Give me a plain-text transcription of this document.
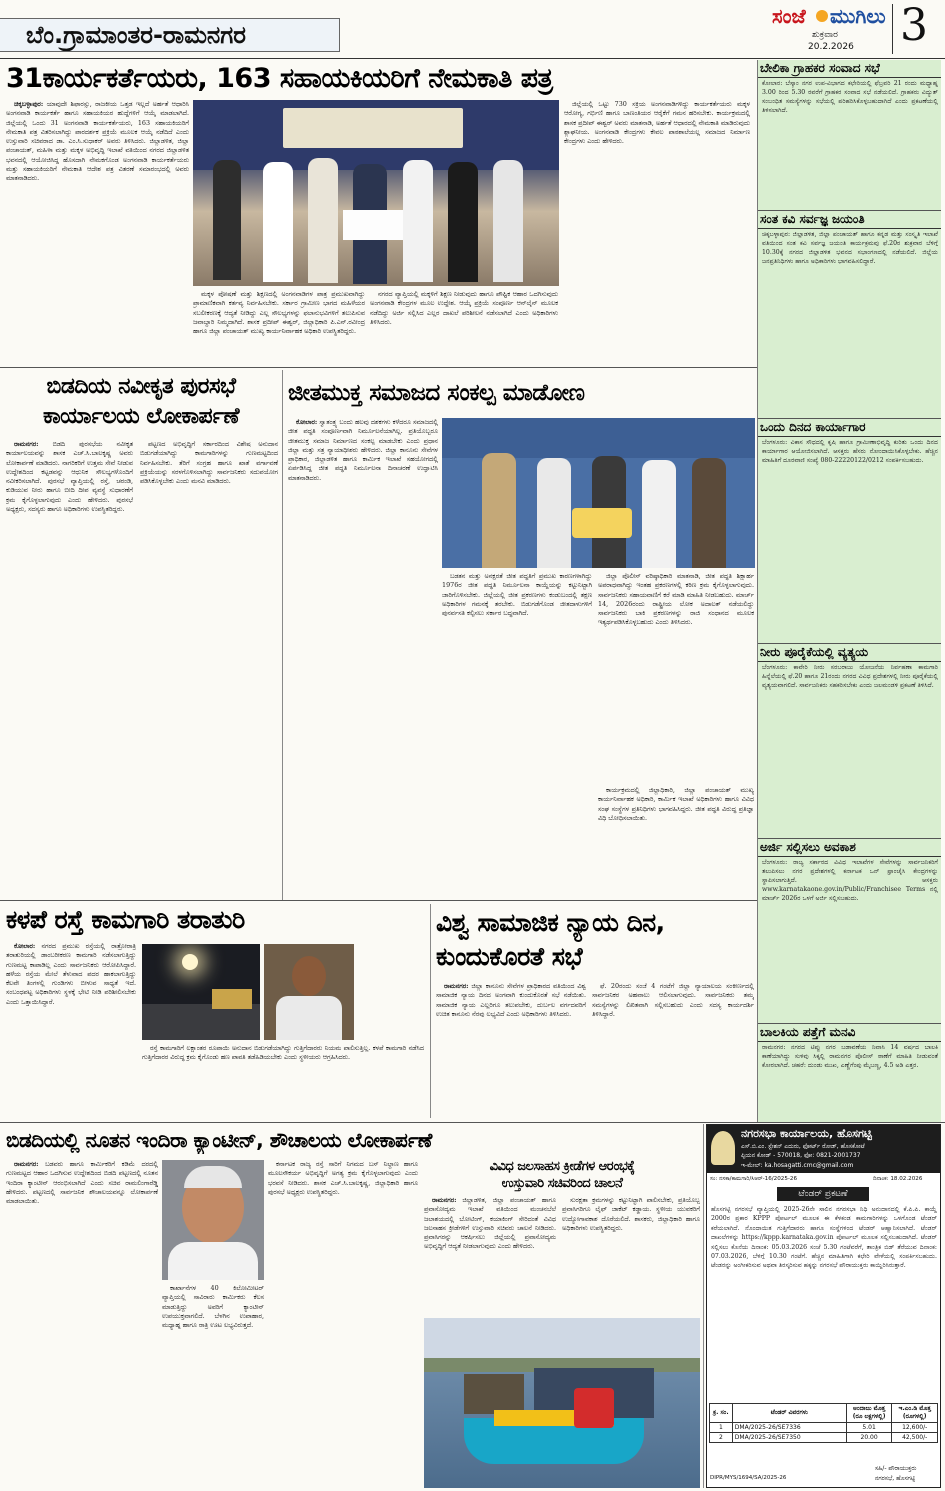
ಬೆಂ.ಗ್ರಾಮಾಂತರ-ರಾಮನಗರ
ಸಂಜೆ ಮುಗಿಲು
ಶುಕ್ರವಾರ
20.2.2026 3
31ಕಾರ್ಯಕರ್ತೆಯರು, 163 ಸಹಾಯಕಿಯರಿಗೆ ನೇಮಕಾತಿ ಪತ್ರ

ಚಿಕ್ಕಬಳ್ಳಾಪುರ: ಯಾವುದೇ ಶಿಫಾರಸ್ಸು, ರಾಜಕೀಯ ಒತ್ತಡ ಇಲ್ಲದೆ ಅರ್ಹತೆ ಆಧಾರಿಸಿ ಅಂಗನವಾಡಿ ಕಾರ್ಯಕರ್ತೆ ಹಾಗೂ ಸಹಾಯಕಿಯರ ಹುದ್ದೆಗಳಿಗೆ ಆಯ್ಕೆ ಮಾಡಲಾಗಿದೆ. ಜಿಲ್ಲೆಯಲ್ಲಿ ಒಂದು 31 ಅಂಗನವಾಡಿ ಕಾರ್ಯಕರ್ತೆಯರು, 163 ಸಹಾಯಕಿಯರಿಗೆ ನೇಮಕಾತಿ ಪತ್ರ ವಿತರಿಸಲಾಗಿದ್ದು ಪಾರದರ್ಶಕ ಪ್ರಕ್ರಿಯೆ ಮೂಲಕ ಆಯ್ಕೆ ನಡೆದಿದೆ ಎಂದು ಉಸ್ತುವಾರಿ ಸಚಿವರಾದ ಡಾ. ಎಂ.ಸಿ.ಸುಧಾಕರ್ ಅವರು ತಿಳಿಸಿದರು. ಜಿಲ್ಲಾಡಳಿತ, ಜಿಲ್ಲಾ ಪಂಚಾಯತ್, ಮಹಿಳಾ ಮತ್ತು ಮಕ್ಕಳ ಅಭಿವೃದ್ಧಿ ಇಲಾಖೆ ವತಿಯಿಂದ ನಗರದ ಜಿಲ್ಲಾಡಳಿತ ಭವನದಲ್ಲಿ ಆಯೋಜಿಸಿದ್ದ ಹೊಸದಾಗಿ ನೇಮಕಗೊಂಡ ಅಂಗನವಾಡಿ ಕಾರ್ಯಕರ್ತೆಯರು ಮತ್ತು ಸಹಾಯಕಿಯರಿಗೆ ನೇಮಕಾತಿ ಆದೇಶ ಪತ್ರ ವಿತರಣೆ ಸಮಾರಂಭದಲ್ಲಿ ಅವರು ಮಾತನಾಡಿದರು.

ಮಕ್ಕಳ ಪೋಷಣೆ ಮತ್ತು ಶಿಕ್ಷಣದಲ್ಲಿ ಅಂಗನವಾಡಿಗಳ ಪಾತ್ರ ಪ್ರಮುಖವಾಗಿದ್ದು ಪ್ರಾಮಾಣಿಕವಾಗಿ ಕರ್ತವ್ಯ ನಿರ್ವಹಿಸಬೇಕು. ಸರ್ಕಾರ ಗ್ರಾಮೀಣ ಭಾಗದ ಮಹಿಳೆಯರ ಸಬಲೀಕರಣಕ್ಕೆ ಆದ್ಯತೆ ನೀಡಿದ್ದು ಎಲ್ಲ ಸೌಲಭ್ಯಗಳನ್ನು ಫಲಾನುಭವಿಗಳಿಗೆ ತಲುಪಿಸುವ ಜವಾಬ್ದಾರಿ ನಿಮ್ಮದಾಗಿದೆ. ಶಾಸಕ ಪ್ರದೀಪ್ ಈಶ್ವರ್, ಜಿಲ್ಲಾಧಿಕಾರಿ ಪಿ.ಎನ್.ರವೀಂದ್ರ ಹಾಗೂ ಜಿಲ್ಲಾ ಪಂಚಾಯತ್ ಮುಖ್ಯ ಕಾರ್ಯನಿರ್ವಾಹಕ ಅಧಿಕಾರಿ ಉಪಸ್ಥಿತರಿದ್ದರು.

ನಗರದ ವ್ಯಾಪ್ತಿಯಲ್ಲಿ ಮಕ್ಕಳಿಗೆ ಶಿಕ್ಷಣ ನೀಡುವುದು ಹಾಗೂ ಪೌಷ್ಟಿಕ ಆಹಾರ ಒದಗಿಸುವುದು ಅಂಗನವಾಡಿ ಕೇಂದ್ರಗಳ ಮೂಲ ಉದ್ದೇಶ. ಆಯ್ಕೆ ಪ್ರಕ್ರಿಯೆ ಸಂಪೂರ್ಣ ಆನ್‌ಲೈನ್ ಮೂಲಕ ನಡೆದಿದ್ದು ಅರ್ಜಿ ಸಲ್ಲಿಸಿದ ಎಲ್ಲರ ದಾಖಲೆ ಪರಿಶೀಲನೆ ನಡೆಸಲಾಗಿದೆ ಎಂದು ಅಧಿಕಾರಿಗಳು ತಿಳಿಸಿದರು.

ಜಿಲ್ಲೆಯಲ್ಲಿ ಒಟ್ಟು 730 ಸಕ್ರಿಯ ಅಂಗನವಾಡಿಗಳಿದ್ದು ಕಾರ್ಯಕರ್ತೆಯರು ಮಕ್ಕಳ ಆರೋಗ್ಯ, ಗರ್ಭಿಣಿ ಹಾಗೂ ಬಾಣಂತಿಯರ ಆರೈಕೆಗೆ ಗಮನ ಹರಿಸಬೇಕು. ಕಾರ್ಯಕ್ರಮದಲ್ಲಿ ಶಾಸಕ ಪ್ರದೀಪ್ ಈಶ್ವರ್ ಅವರು ಮಾತನಾಡಿ, ಅರ್ಹತೆ ಆಧಾರದಲ್ಲಿ ನೇಮಕಾತಿ ಮಾಡಿರುವುದು ಶ್ಲಾಘನೀಯ. ಅಂಗನವಾಡಿ ಕೇಂದ್ರಗಳು ಕೇವಲ ಪಾಠಶಾಲೆಯಲ್ಲ ಸಮಾಜದ ನಿರ್ಮಾಣ ಕೇಂದ್ರಗಳು ಎಂದು ಹೇಳಿದರು.

ಬೇಲಿಕಾ ಗ್ರಾಹಕರ ಸಂವಾದ ಸಭೆ
ಕೋಲಾರ: ಬೆಸ್ಕಾಂ ನಗರ ಉಪ-ವಿಭಾಗದ ಕಛೇರಿಯಲ್ಲಿ ಫೆಬ್ರವರಿ 21 ರಂದು ಮಧ್ಯಾಹ್ನ 3.00 ರಿಂದ 5.30 ರವರೆಗೆ ಗ್ರಾಹಕರ ಸಂವಾದ ಸಭೆ ನಡೆಯಲಿದೆ. ಗ್ರಾಹಕರು ವಿದ್ಯುತ್ ಸಂಬಂಧಿತ ಸಮಸ್ಯೆಗಳನ್ನು ಸಭೆಯಲ್ಲಿ ಪರಿಹರಿಸಿಕೊಳ್ಳಬಹುದಾಗಿದೆ ಎಂದು ಪ್ರಕಟಣೆಯಲ್ಲಿ ತಿಳಿಸಲಾಗಿದೆ.
ಸಂತ ಕವಿ ಸರ್ವಜ್ಞ ಜಯಂತಿ
ಚಿಕ್ಕಬಳ್ಳಾಪುರ: ಜಿಲ್ಲಾಡಳಿತ, ಜಿಲ್ಲಾ ಪಂಚಾಯತ್ ಹಾಗೂ ಕನ್ನಡ ಮತ್ತು ಸಂಸ್ಕೃತಿ ಇಲಾಖೆ ವತಿಯಿಂದ ಸಂತ ಕವಿ ಸರ್ವಜ್ಞ ಜಯಂತಿ ಕಾರ್ಯಕ್ರಮವು ಫೆ.20ರ ಶುಕ್ರವಾರ ಬೆಳಿಗ್ಗೆ 10.30ಕ್ಕೆ ನಗರದ ಜಿಲ್ಲಾಡಳಿತ ಭವನದ ಸಭಾಂಗಣದಲ್ಲಿ ನಡೆಯಲಿದೆ. ಜಿಲ್ಲೆಯ ಜನಪ್ರತಿನಿಧಿಗಳು ಹಾಗೂ ಅಧಿಕಾರಿಗಳು ಭಾಗವಹಿಸಲಿದ್ದಾರೆ.
ಒಂದು ದಿನದ ಕಾರ್ಯಾಗಾರ
ಬೆಂಗಳೂರು: ವಿಕಾಸ ಸೌಧದಲ್ಲಿ ಕೃಷಿ ಹಾಗೂ ಗ್ರಾಮೀಣಾಭಿವೃದ್ಧಿ ಕುರಿತು ಒಂದು ದಿನದ ಕಾರ್ಯಾಗಾರ ಆಯೋಜಿಸಲಾಗಿದೆ. ಆಸಕ್ತರು ಹೆಸರು ನೋಂದಾಯಿಸಿಕೊಳ್ಳಬೇಕು. ಹೆಚ್ಚಿನ ಮಾಹಿತಿಗೆ ದೂರವಾಣಿ ಸಂಖ್ಯೆ 080-22220122/0212 ಸಂಪರ್ಕಿಸಬಹುದು.
ನೀರು ಪೂರೈಕೆಯಲ್ಲಿ ವ್ಯತ್ಯಯ
ಬೆಂಗಳೂರು: ಕಾವೇರಿ ನೀರು ಸರಬರಾಜು ಯೋಜನೆಯ ನಿರ್ವಹಣಾ ಕಾಮಗಾರಿ ಹಿನ್ನೆಲೆಯಲ್ಲಿ ಫೆ.20 ಹಾಗೂ 21ರಂದು ನಗರದ ವಿವಿಧ ಪ್ರದೇಶಗಳಲ್ಲಿ ನೀರು ಪೂರೈಕೆಯಲ್ಲಿ ವ್ಯತ್ಯಯವಾಗಲಿದೆ. ಸಾರ್ವಜನಿಕರು ಸಹಕರಿಸಬೇಕು ಎಂದು ಜಲಮಂಡಳಿ ಪ್ರಕಟಣೆ ತಿಳಿಸಿದೆ.
ಅರ್ಜಿ ಸಲ್ಲಿಸಲು ಅವಕಾಶ
ಬೆಂಗಳೂರು: ರಾಜ್ಯ ಸರ್ಕಾರದ ವಿವಿಧ ಇಲಾಖೆಗಳ ಸೇವೆಗಳನ್ನು ಸಾರ್ವಜನಿಕರಿಗೆ ತಲುಪಿಸಲು ನಗರ ಪ್ರದೇಶಗಳಲ್ಲಿ ಕರ್ನಾಟಕ ಒನ್ ಫ್ರಾಂಚೈಸಿ ಕೇಂದ್ರಗಳನ್ನು ಸ್ಥಾಪಿಸಲಾಗುತ್ತಿದೆ. ಆಸಕ್ತರು www.karnatakaone.gov.in/Public/Franchisee Terms ನಲ್ಲಿ ಮಾರ್ಚ್ 2026ರ ಒಳಗೆ ಅರ್ಜಿ ಸಲ್ಲಿಸಬಹುದು.
ಬಾಲಕಿಯ ಪತ್ತೆಗೆ ಮನವಿ
ರಾಮನಗರ: ನಗರದ ಟಿಪ್ಪು ನಗರ ಬಡಾವಣೆಯ ನಿವಾಸಿ 14 ವರ್ಷದ ಬಾಲಕಿ ಕಾಣೆಯಾಗಿದ್ದು ಸುಳಿವು ಸಿಕ್ಕಲ್ಲಿ ರಾಮನಗರ ಪೊಲೀಸ್ ಠಾಣೆಗೆ ಮಾಹಿತಿ ನೀಡುವಂತೆ ಕೋರಲಾಗಿದೆ. ಚಹರೆ: ದುಂಡು ಮುಖ, ಎಣ್ಣೆಗೆಂಪು ಮೈಬಣ್ಣ, 4.5 ಅಡಿ ಎತ್ತರ.
ಬಿಡದಿಯ ನವೀಕೃತ ಪುರಸಭೆ ಕಾರ್ಯಾಲಯ ಲೋಕಾರ್ಪಣೆ

ರಾಮನಗರ: ಬಿಡದಿ ಪುರಸಭೆಯ ನವೀಕೃತ ಕಾರ್ಯಾಲಯವನ್ನು ಶಾಸಕ ಎಚ್.ಸಿ.ಬಾಲಕೃಷ್ಣ ಅವರು ಲೋಕಾರ್ಪಣೆ ಮಾಡಿದರು. ನಾಗರಿಕರಿಗೆ ಉತ್ತಮ ಸೇವೆ ನೀಡುವ ಉದ್ದೇಶದಿಂದ ಕಟ್ಟಡವನ್ನು ಆಧುನಿಕ ಸೌಲಭ್ಯಗಳೊಂದಿಗೆ ನವೀಕರಿಸಲಾಗಿದೆ. ಪುರಸಭೆ ವ್ಯಾಪ್ತಿಯಲ್ಲಿ ರಸ್ತೆ, ಚರಂಡಿ, ಕುಡಿಯುವ ನೀರು ಹಾಗೂ ಬೀದಿ ದೀಪ ವ್ಯವಸ್ಥೆ ಸುಧಾರಣೆಗೆ ಕ್ರಮ ಕೈಗೊಳ್ಳಲಾಗುವುದು ಎಂದು ಹೇಳಿದರು. ಪುರಸಭೆ ಅಧ್ಯಕ್ಷರು, ಸದಸ್ಯರು ಹಾಗೂ ಅಧಿಕಾರಿಗಳು ಉಪಸ್ಥಿತರಿದ್ದರು.

ಪಟ್ಟಣದ ಅಭಿವೃದ್ಧಿಗೆ ಸರ್ಕಾರದಿಂದ ವಿಶೇಷ ಅನುದಾನ ಬಿಡುಗಡೆಯಾಗಿದ್ದು ಕಾಮಗಾರಿಗಳನ್ನು ಗುಣಮಟ್ಟದಿಂದ ನಿರ್ವಹಿಸಬೇಕು. ತೆರಿಗೆ ಸಂಗ್ರಹ ಹಾಗೂ ಖಾತೆ ವರ್ಗಾವಣೆ ಪ್ರಕ್ರಿಯೆಯನ್ನು ಸರಳಗೊಳಿಸಲಾಗಿದ್ದು ಸಾರ್ವಜನಿಕರು ಸದುಪಯೋಗ ಪಡಿಸಿಕೊಳ್ಳಬೇಕು ಎಂದು ಮನವಿ ಮಾಡಿದರು.

ಜೀತಮುಕ್ತ ಸಮಾಜದ ಸಂಕಲ್ಪ ಮಾಡೋಣ

ಕೋಲಾರ: ಸ್ವಾತಂತ್ರ್ಯ ಬಂದು ಹಲವು ದಶಕಗಳು ಕಳೆದರೂ ಸಮಾಜದಲ್ಲಿ ಜೀತ ಪದ್ಧತಿ ಸಂಪೂರ್ಣವಾಗಿ ನಿರ್ಮೂಲನೆಯಾಗಿಲ್ಲ. ಪ್ರತಿಯೊಬ್ಬರೂ ಜೀತಮುಕ್ತ ಸಮಾಜ ನಿರ್ಮಾಣದ ಸಂಕಲ್ಪ ಮಾಡಬೇಕು ಎಂದು ಪ್ರಧಾನ ಜಿಲ್ಲಾ ಮತ್ತು ಸತ್ರ ನ್ಯಾಯಾಧೀಶರು ಹೇಳಿದರು. ಜಿಲ್ಲಾ ಕಾನೂನು ಸೇವೆಗಳ ಪ್ರಾಧಿಕಾರ, ಜಿಲ್ಲಾಡಳಿತ ಹಾಗೂ ಕಾರ್ಮಿಕ ಇಲಾಖೆ ಸಹಯೋಗದಲ್ಲಿ ಏರ್ಪಡಿಸಿದ್ದ ಜೀತ ಪದ್ಧತಿ ನಿರ್ಮೂಲನಾ ದಿನಾಚರಣೆ ಉದ್ಘಾಟಿಸಿ ಮಾತನಾಡಿದರು.

ಬಡತನ ಮತ್ತು ಅನಕ್ಷರತೆ ಜೀತ ಪದ್ಧತಿಗೆ ಪ್ರಮುಖ ಕಾರಣಗಳಾಗಿದ್ದು 1976ರ ಜೀತ ಪದ್ಧತಿ ನಿರ್ಮೂಲನಾ ಕಾಯ್ದೆಯನ್ನು ಕಟ್ಟುನಿಟ್ಟಾಗಿ ಜಾರಿಗೊಳಿಸಬೇಕು. ಜಿಲ್ಲೆಯಲ್ಲಿ ಜೀತ ಪ್ರಕರಣಗಳು ಕಂಡುಬಂದಲ್ಲಿ ತಕ್ಷಣ ಅಧಿಕಾರಿಗಳ ಗಮನಕ್ಕೆ ತರಬೇಕು. ಬಿಡುಗಡೆಗೊಂಡ ಜೀತದಾಳುಗಳಿಗೆ ಪುನರ್ವಸತಿ ಕಲ್ಪಿಸಲು ಸರ್ಕಾರ ಬದ್ಧವಾಗಿದೆ.

ಜಿಲ್ಲಾ ಪೊಲೀಸ್ ವರಿಷ್ಠಾಧಿಕಾರಿ ಮಾತನಾಡಿ, ಜೀತ ಪದ್ಧತಿ ಶಿಕ್ಷಾರ್ಹ ಅಪರಾಧವಾಗಿದ್ದು ಇಂತಹ ಪ್ರಕರಣಗಳಲ್ಲಿ ಕಠಿಣ ಕ್ರಮ ಕೈಗೊಳ್ಳಲಾಗುವುದು. ಸಾರ್ವಜನಿಕರು ಸಹಾಯವಾಣಿಗೆ ಕರೆ ಮಾಡಿ ಮಾಹಿತಿ ನೀಡಬಹುದು. ಮಾರ್ಚ್ 14, 2026ರಂದು ರಾಷ್ಟ್ರೀಯ ಲೋಕ ಅದಾಲತ್ ನಡೆಯಲಿದ್ದು ಸಾರ್ವಜನಿಕರು ಬಾಕಿ ಪ್ರಕರಣಗಳನ್ನು ರಾಜಿ ಸಂಧಾನದ ಮೂಲಕ ಇತ್ಯರ್ಥಪಡಿಸಿಕೊಳ್ಳಬಹುದು ಎಂದು ತಿಳಿಸಿದರು.

ಕಾರ್ಯಕ್ರಮದಲ್ಲಿ ಜಿಲ್ಲಾಧಿಕಾರಿ, ಜಿಲ್ಲಾ ಪಂಚಾಯತ್ ಮುಖ್ಯ ಕಾರ್ಯನಿರ್ವಾಹಕ ಅಧಿಕಾರಿ, ಕಾರ್ಮಿಕ ಇಲಾಖೆ ಅಧಿಕಾರಿಗಳು ಹಾಗೂ ವಿವಿಧ ಸಂಘ ಸಂಸ್ಥೆಗಳ ಪ್ರತಿನಿಧಿಗಳು ಭಾಗವಹಿಸಿದ್ದರು. ಜೀತ ಪದ್ಧತಿ ವಿರುದ್ಧ ಪ್ರತಿಜ್ಞಾ ವಿಧಿ ಬೋಧಿಸಲಾಯಿತು.

ಕಳಪೆ ರಸ್ತೆ ಕಾಮಗಾರಿ ತರಾತುರಿ

ಕೋಲಾರ: ನಗರದ ಪ್ರಮುಖ ರಸ್ತೆಯಲ್ಲಿ ರಾತ್ರೋರಾತ್ರಿ ತರಾತುರಿಯಲ್ಲಿ ಡಾಂಬರೀಕರಣ ಕಾಮಗಾರಿ ನಡೆಸಲಾಗುತ್ತಿದ್ದು ಗುಣಮಟ್ಟ ಕಾಪಾಡಿಲ್ಲ ಎಂದು ಸಾರ್ವಜನಿಕರು ಆರೋಪಿಸಿದ್ದಾರೆ. ಹಳೆಯ ರಸ್ತೆಯ ಮೇಲೆ ತೆಳುವಾದ ಪದರ ಹಾಕಲಾಗುತ್ತಿದ್ದು ಕೆಲವೇ ತಿಂಗಳಲ್ಲಿ ಗುಂಡಿಗಳು ಬೀಳುವ ಸಾಧ್ಯತೆ ಇದೆ. ಸಂಬಂಧಪಟ್ಟ ಅಧಿಕಾರಿಗಳು ಸ್ಥಳಕ್ಕೆ ಭೇಟಿ ನೀಡಿ ಪರಿಶೀಲಿಸಬೇಕು ಎಂದು ಒತ್ತಾಯಿಸಿದ್ದಾರೆ.

ರಸ್ತೆ ಕಾಮಗಾರಿಗೆ ಲಕ್ಷಾಂತರ ರೂಪಾಯಿ ಅನುದಾನ ಬಿಡುಗಡೆಯಾಗಿದ್ದು ಗುತ್ತಿಗೆದಾರರು ನಿಯಮ ಪಾಲಿಸುತ್ತಿಲ್ಲ. ಕಳಪೆ ಕಾಮಗಾರಿ ನಡೆಸಿದ ಗುತ್ತಿಗೆದಾರರ ವಿರುದ್ಧ ಕ್ರಮ ಕೈಗೊಂಡು ಹಣ ಪಾವತಿ ತಡೆಹಿಡಿಯಬೇಕು ಎಂದು ಸ್ಥಳೀಯರು ಆಗ್ರಹಿಸಿದರು.

ವಿಶ್ವ ಸಾಮಾಜಿಕ ನ್ಯಾಯ ದಿನ, ಕುಂದುಕೊರತೆ ಸಭೆ

ರಾಮನಗರ: ಜಿಲ್ಲಾ ಕಾನೂನು ಸೇವೆಗಳ ಪ್ರಾಧಿಕಾರದ ವತಿಯಿಂದ ವಿಶ್ವ ಸಾಮಾಜಿಕ ನ್ಯಾಯ ದಿನದ ಅಂಗವಾಗಿ ಕುಂದುಕೊರತೆ ಸಭೆ ನಡೆಯಿತು. ಸಾಮಾಜಿಕ ನ್ಯಾಯ ಎಲ್ಲರಿಗೂ ತಲುಪಬೇಕು, ದುರ್ಬಲ ವರ್ಗದವರಿಗೆ ಉಚಿತ ಕಾನೂನು ನೆರವು ಲಭ್ಯವಿದೆ ಎಂದು ಅಧಿಕಾರಿಗಳು ತಿಳಿಸಿದರು.

ಫೆ. 20ರಂದು ಸಂಜೆ 4 ಗಂಟೆಗೆ ಜಿಲ್ಲಾ ನ್ಯಾಯಾಲಯ ಸಂಕೀರ್ಣದಲ್ಲಿ ಸಾರ್ವಜನಿಕರ ಅಹವಾಲು ಆಲಿಸಲಾಗುವುದು. ಸಾರ್ವಜನಿಕರು ತಮ್ಮ ಸಮಸ್ಯೆಗಳನ್ನು ಲಿಖಿತವಾಗಿ ಸಲ್ಲಿಸಬಹುದು ಎಂದು ಸದಸ್ಯ ಕಾರ್ಯದರ್ಶಿ ತಿಳಿಸಿದ್ದಾರೆ.

ಬಿಡದಿಯಲ್ಲಿ ನೂತನ ಇಂದಿರಾ ಕ್ಯಾಂಟೀನ್, ಶೌಚಾಲಯ ಲೋಕಾರ್ಪಣೆ

ರಾಮನಗರ: ಬಡವರು ಹಾಗೂ ಕಾರ್ಮಿಕರಿಗೆ ಕಡಿಮೆ ದರದಲ್ಲಿ ಗುಣಮಟ್ಟದ ಆಹಾರ ಒದಗಿಸುವ ಉದ್ದೇಶದಿಂದ ಬಿಡದಿ ಪಟ್ಟಣದಲ್ಲಿ ನೂತನ ಇಂದಿರಾ ಕ್ಯಾಂಟೀನ್ ಆರಂಭಿಸಲಾಗಿದೆ ಎಂದು ಸಚಿವ ರಾಮಲಿಂಗಾರೆಡ್ಡಿ ಹೇಳಿದರು. ಪಟ್ಟಣದಲ್ಲಿ ಸಾರ್ವಜನಿಕ ಶೌಚಾಲಯವನ್ನೂ ಲೋಕಾರ್ಪಣೆ ಮಾಡಲಾಯಿತು.

ಕಾರ್ಖಾನೆಗಳ 40 ಕಿಲೋಮೀಟರ್ ವ್ಯಾಪ್ತಿಯಲ್ಲಿ ಸಾವಿರಾರು ಕಾರ್ಮಿಕರು ಕೆಲಸ ಮಾಡುತ್ತಿದ್ದು ಅವರಿಗೆ ಕ್ಯಾಂಟೀನ್ ಉಪಯುಕ್ತವಾಗಲಿದೆ. ಬೆಳಗಿನ ಉಪಾಹಾರ, ಮಧ್ಯಾಹ್ನ ಹಾಗೂ ರಾತ್ರಿ ಊಟ ಲಭ್ಯವಿರುತ್ತದೆ.

ಕರ್ನಾಟಕ ರಾಜ್ಯ ರಸ್ತೆ ಸಾರಿಗೆ ನಿಗಮದ ಬಸ್ ನಿಲ್ದಾಣ ಹಾಗೂ ಮೂಲಸೌಕರ್ಯ ಅಭಿವೃದ್ಧಿಗೆ ಅಗತ್ಯ ಕ್ರಮ ಕೈಗೊಳ್ಳಲಾಗುವುದು ಎಂದು ಭರವಸೆ ನೀಡಿದರು. ಶಾಸಕ ಎಚ್.ಸಿ.ಬಾಲಕೃಷ್ಣ, ಜಿಲ್ಲಾಧಿಕಾರಿ ಹಾಗೂ ಪುರಸಭೆ ಅಧ್ಯಕ್ಷರು ಉಪಸ್ಥಿತರಿದ್ದರು.

ವಿವಿಧ ಜಲಸಾಹಸ ಕ್ರೀಡೆಗಳ ಆರಂಭಕ್ಕೆ
ಉಸ್ತುವಾರಿ ಸಚಿವರಿಂದ ಚಾಲನೆ

ರಾಮನಗರ: ಜಿಲ್ಲಾಡಳಿತ, ಜಿಲ್ಲಾ ಪಂಚಾಯತ್ ಹಾಗೂ ಪ್ರವಾಸೋದ್ಯಮ ಇಲಾಖೆ ವತಿಯಿಂದ ಮಂಚನಬೆಲೆ ಜಲಾಶಯದಲ್ಲಿ ಬೋಟಿಂಗ್, ಕಯಾಕಿಂಗ್ ಸೇರಿದಂತೆ ವಿವಿಧ ಜಲಸಾಹಸ ಕ್ರೀಡೆಗಳಿಗೆ ಉಸ್ತುವಾರಿ ಸಚಿವರು ಚಾಲನೆ ನೀಡಿದರು. ಪ್ರವಾಸಿಗರನ್ನು ಆಕರ್ಷಿಸಲು ಜಿಲ್ಲೆಯಲ್ಲಿ ಪ್ರವಾಸೋದ್ಯಮ ಅಭಿವೃದ್ಧಿಗೆ ಆದ್ಯತೆ ನೀಡಲಾಗುವುದು ಎಂದು ಹೇಳಿದರು.

ಸುರಕ್ಷತಾ ಕ್ರಮಗಳನ್ನು ಕಟ್ಟುನಿಟ್ಟಾಗಿ ಪಾಲಿಸಬೇಕು, ಪ್ರತಿಯೊಬ್ಬ ಪ್ರವಾಸಿಗರಿಗೂ ಲೈಫ್ ಜಾಕೆಟ್ ಕಡ್ಡಾಯ. ಸ್ಥಳೀಯ ಯುವಕರಿಗೆ ಉದ್ಯೋಗಾವಕಾಶ ದೊರೆಯಲಿದೆ. ಶಾಸಕರು, ಜಿಲ್ಲಾಧಿಕಾರಿ ಹಾಗೂ ಅಧಿಕಾರಿಗಳು ಉಪಸ್ಥಿತರಿದ್ದರು.

ನಗರಸಭಾ ಕಾರ್ಯಾಲಯ, ಹೊಸಗಟ್ಟಿ
ಎಸ್.ಬಿ.ಎಂ. ಸ್ಟೇಶನ್ ಎದುರು, ಫೋರ್ಟ್ ರೋಡ್, ಹೊಸಕೋಟೆ
ಪ್ಪಿಯನ ಕೋಡ್ - 570018, ಫೋ: 0821-2001737
ಇ-ಮೇಲ್: ka.hosagatti.cmc@gmail.com
ಸಂ: ನಸಕಾ/ಕಾಮಗಾರಿ/ಸಿಆರ್-16/2025-26	ದಿನಾಂಕ: 18.02.2026
ಟೆಂಡರ್ ಪ್ರಕಟಣೆ
ಹೊಸಗಟ್ಟಿ ನಗರಸಭೆ ವ್ಯಾಪ್ತಿಯಲ್ಲಿ 2025-26ನೇ ಸಾಲಿನ ನಗರಸಭಾ ನಿಧಿ ಅನುದಾನದಲ್ಲಿ ಕೆ.ಪಿ.ಪಿ. ಕಾಯ್ದೆ 2000ರ ಪ್ರಕಾರ KPPP ಪೋರ್ಟಲ್ ಮೂಲಕ ಈ ಕೆಳಕಂಡ ಕಾಮಗಾರಿಗಳನ್ನು ಒಳಗೊಂಡ ಟೆಂಡರ್ ಕರೆಯಲಾಗಿದೆ. ನೊಂದಾಯಿತ ಗುತ್ತಿಗೆದಾರರು ಹಾಗೂ ಸಂಸ್ಥೆಗಳಿಂದ ಟೆಂಡರ್ ಆಹ್ವಾನಿಸಲಾಗಿದೆ. ಟೆಂಡರ್ ದಾಖಲೆಗಳನ್ನು https://kppp.karnataka.gov.in ಪೋರ್ಟಲ್ ಮೂಲಕ ಸಲ್ಲಿಸಬಹುದಾಗಿದೆ. ಟೆಂಡರ್ ಸಲ್ಲಿಸಲು ಕೊನೆಯ ದಿನಾಂಕ: 05.03.2026 ಸಂಜೆ 5.30 ಗಂಟೆವರೆಗೆ, ತಾಂತ್ರಿಕ ಬಿಡ್ ತೆರೆಯುವ ದಿನಾಂಕ: 07.03.2026, ಬೆಳಿಗ್ಗೆ 10.30 ಗಂಟೆಗೆ. ಹೆಚ್ಚಿನ ಮಾಹಿತಿಗಾಗಿ ಕಛೇರಿ ವೇಳೆಯಲ್ಲಿ ಸಂಪರ್ಕಿಸಬಹುದು. ಟೆಂಡರನ್ನು ಅಂಗೀಕರಿಸುವ ಅಥವಾ ತಿರಸ್ಕರಿಸುವ ಹಕ್ಕನ್ನು ನಗರಸಭೆ ಪೌರಾಯುಕ್ತರು ಕಾಯ್ದಿರಿಸಿರುತ್ತಾರೆ.
ಕ್ರ. ಸಂ.	ಟೆಂಡರ್ ವಿವರಗಳು	ಅಂದಾಜು ಮೊತ್ತ (ರೂ ಲಕ್ಷಗಳಲ್ಲಿ)	ಇ.ಎಂ.ಡಿ ಮೊತ್ತ (ರೂಗಳಲ್ಲಿ)
1	DMA/2025-26/SE7336	5.01	12,600/-
2	DMA/2025-26/SE7350	20.00	42,500/-
ಸಹಿ/- ಪೌರಾಯುಕ್ತರು
ನಗರಸಭೆ, ಹೊಸಗಟ್ಟಿ
DIPR/MYS/1694/SA/2025-26
